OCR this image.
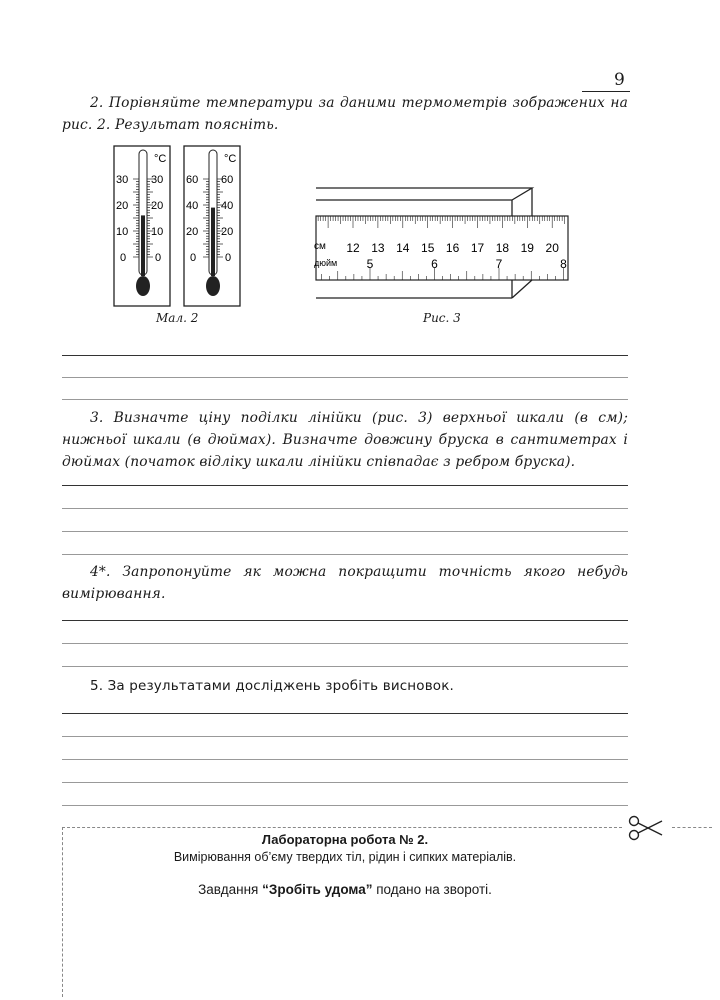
9

2. Порівняйте температури за даними термометрів зображених на рис. 2. Результат поясніть.

°C
30 30
20 20
10 10
0	0
°C
60 60
40 40
20 20
0	0
Мал. 2
см
дюйм
12 13 14 15 16 17 18 19 20
5	6	7	8
Рис. 3

3. Визначте ціну поділки лінійки (рис. 3) верхньої шкали (в см); нижньої шкали (в дюймах). Визначте довжину бруска в сантиметрах і дюймах (початок відліку шкали лінійки співпадає з ребром бруска).

4*. Запропонуйте як можна покращити точність якого небудь вимірювання.

5. За результатами досліджень зробіть висновок.

Лабораторна робота № 2.
Вимірювання об’єму твердих тіл, рідин і сипких матеріалів.
Завдання “Зробіть удома” подано на звороті.
